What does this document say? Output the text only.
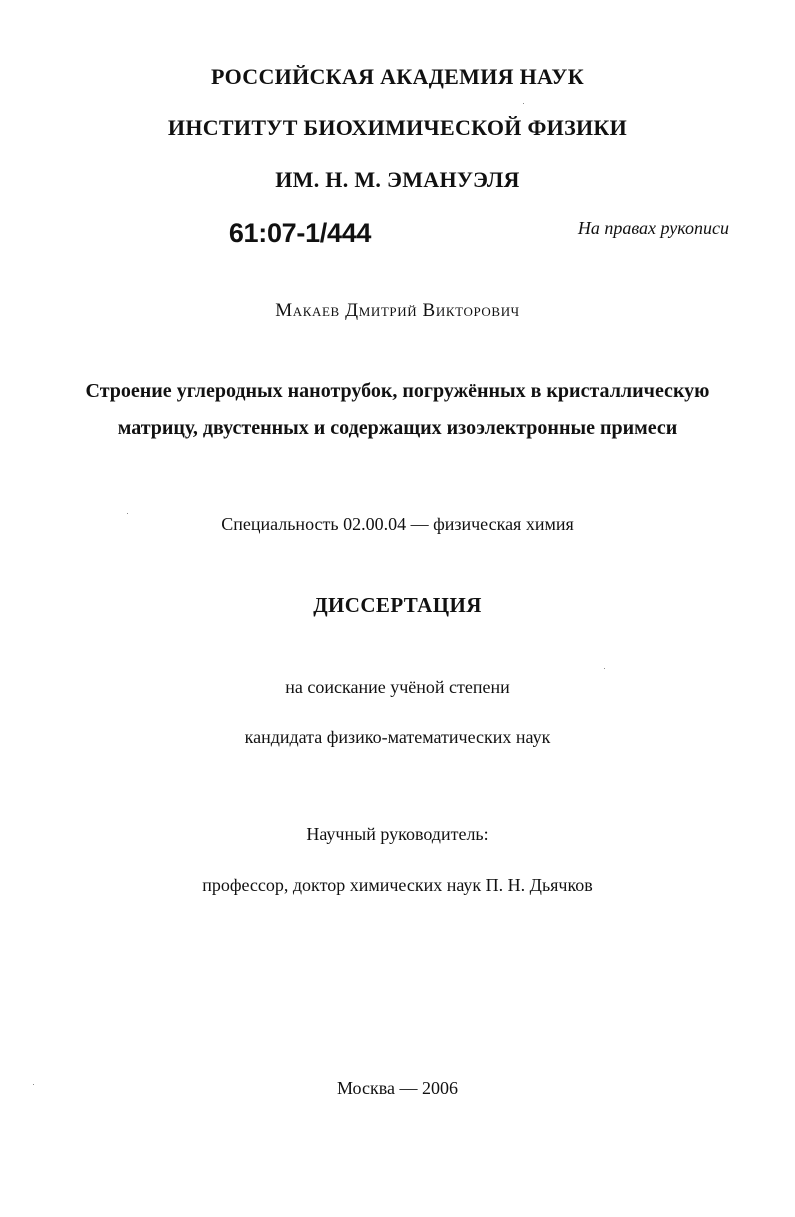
РОССИЙСКАЯ АКАДЕМИЯ НАУК
ИНСТИТУТ БИОХИМИЧЕСКОЙ ФИЗИКИ
ИМ. Н. М. ЭМАНУЭЛЯ
61:07-1/444	На правах рукописи
Макаев Дмитрий Викторович
Строение углеродных нанотрубок, погружённых в кристаллическую
матрицу, двустенных и содержащих изоэлектронные примеси
Специальность 02.00.04 — физическая химия
ДИССЕРТАЦИЯ
на соискание учёной степени
кандидата физико-математических наук
Научный руководитель:
профессор, доктор химических наук П. Н. Дьячков
Москва — 2006
